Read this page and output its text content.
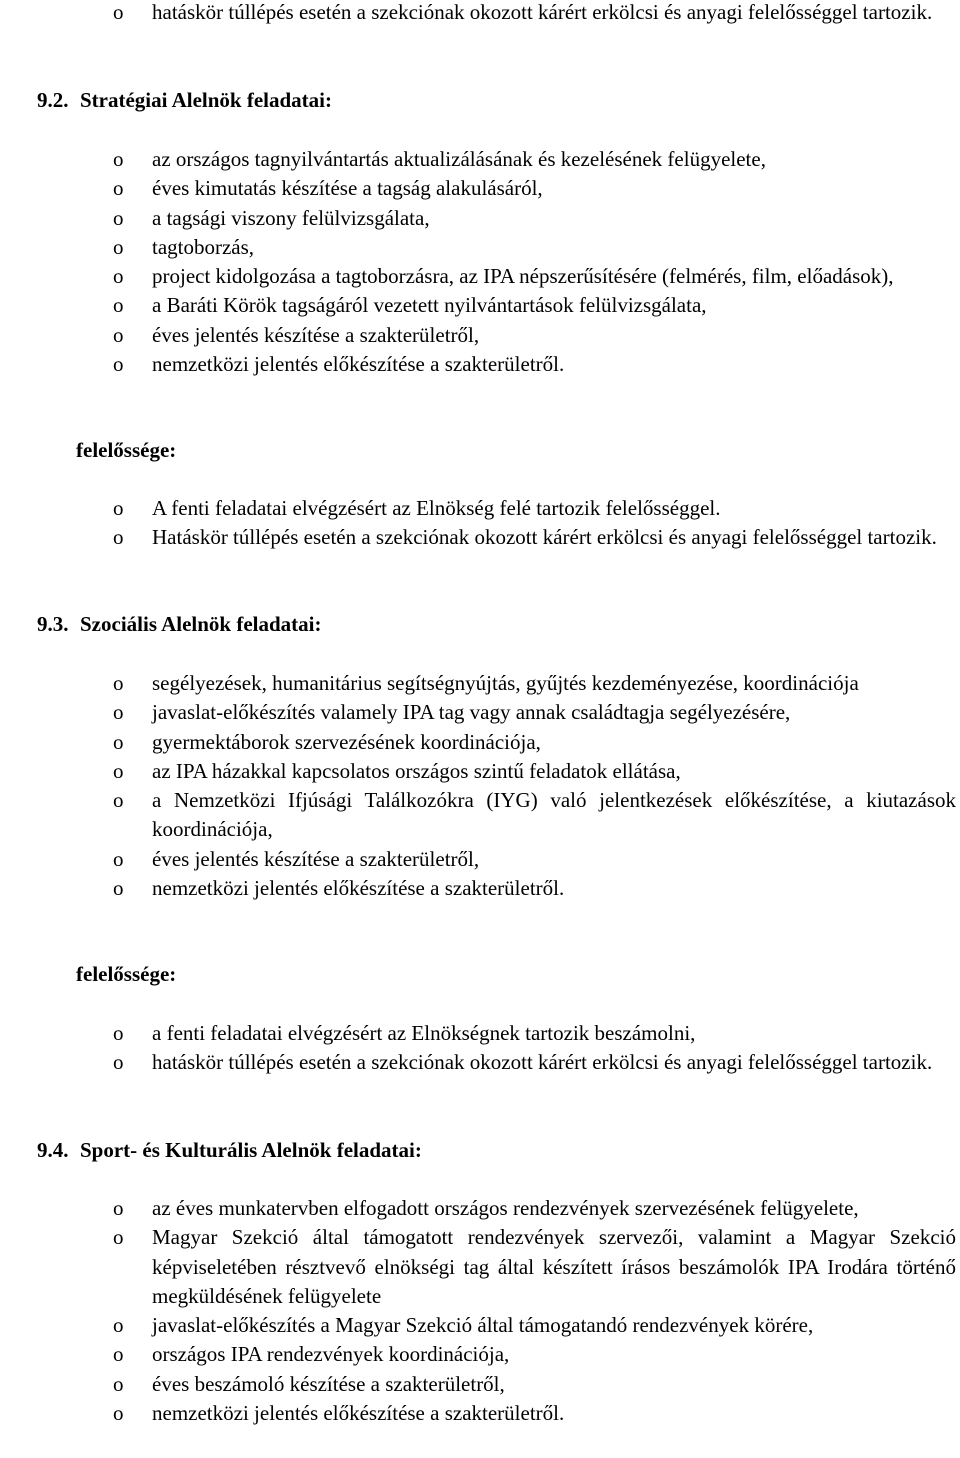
o hatáskör túllépés esetén a szekciónak okozott kárért erkölcsi és anyagi felelősséggel tartozik.
9.2. Stratégiai Alelnök feladatai:
o az országos tagnyilvántartás aktualizálásának és kezelésének felügyelete,
o éves kimutatás készítése a tagság alakulásáról,
o a tagsági viszony felülvizsgálata,
o tagtoborzás,
o project kidolgozása a tagtoborzásra, az IPA népszerűsítésére (felmérés, film, előadások),
o a Baráti Körök tagságáról vezetett nyilvántartások felülvizsgálata,
o éves jelentés készítése a szakterületről,
o nemzetközi jelentés előkészítése a szakterületről.
felelőssége:
o A fenti feladatai elvégzésért az Elnökség felé tartozik felelősséggel.
o Hatáskör túllépés esetén a szekciónak okozott kárért erkölcsi és anyagi felelősséggel tartozik.
9.3. Szociális Alelnök feladatai:
o segélyezések, humanitárius segítségnyújtás, gyűjtés kezdeményezése, koordinációja
o javaslat-előkészítés valamely IPA tag vagy annak családtagja segélyezésére,
o gyermektáborok szervezésének koordinációja,
o az IPA házakkal kapcsolatos országos szintű feladatok ellátása,
o a Nemzetközi Ifjúsági Találkozókra (IYG) való jelentkezések előkészítése, a kiutazások koordinációja,
o éves jelentés készítése a szakterületről,
o nemzetközi jelentés előkészítése a szakterületről.
felelőssége:
o a fenti feladatai elvégzésért az Elnökségnek tartozik beszámolni,
o hatáskör túllépés esetén a szekciónak okozott kárért erkölcsi és anyagi felelősséggel tartozik.
9.4. Sport- és Kulturális Alelnök feladatai:
o az éves munkatervben elfogadott országos rendezvények szervezésének felügyelete,
o Magyar Szekció által támogatott rendezvények szervezői, valamint a Magyar Szekció képviseletében résztvevő elnökségi tag által készített írásos beszámolók IPA Irodára történő megküldésének felügyelete
o javaslat-előkészítés a Magyar Szekció által támogatandó rendezvények körére,
o országos IPA rendezvények koordinációja,
o éves beszámoló készítése a szakterületről,
o nemzetközi jelentés előkészítése a szakterületről.
